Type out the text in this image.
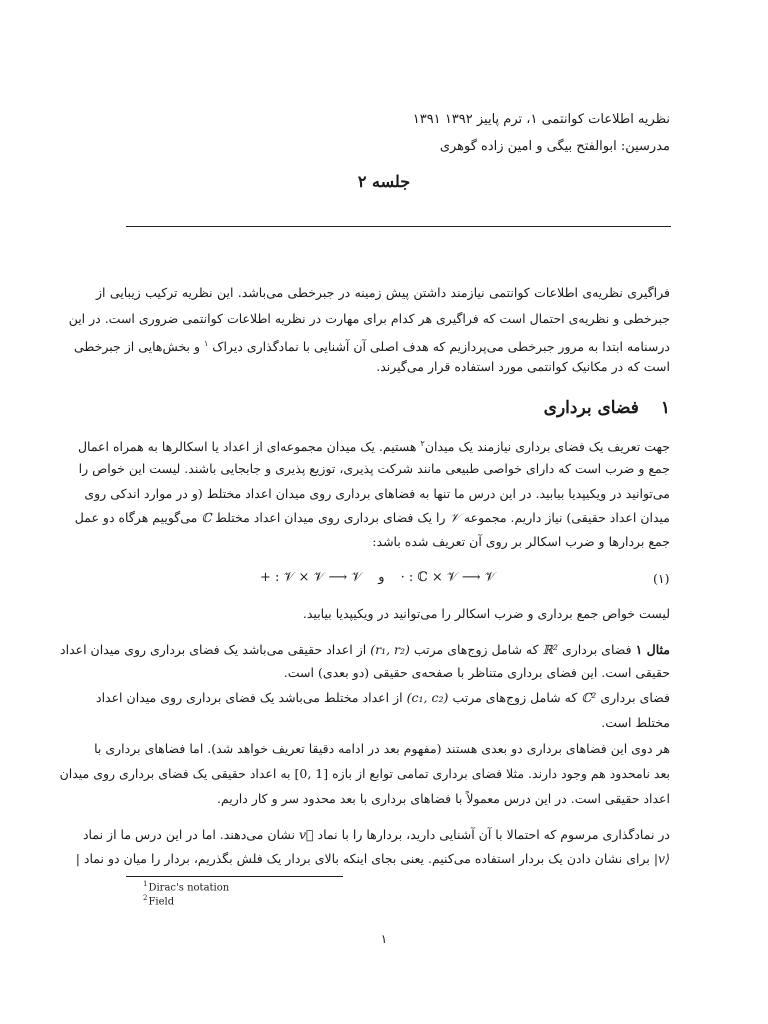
نظریه اطلاعات کوانتمی ۱، ترم پاییز ۱۳۹۲ ۱۳۹۱
مدرسین: ابوالفتح بیگی و امین زاده گوهری
جلسه ۲
فراگیری نظریه‌ی اطلاعات کوانتمی نیازمند داشتن پیش زمینه در جبرخطی می‌باشد. این نظریه ترکیب زیبایی از
جبرخطی و نظریه‌ی احتمال است که فراگیری هر کدام برای مهارت در نظریه اطلاعات کوانتمی ضروری است. در این
درسنامه ابتدا به مرور جبرخطی می‌پردازیم که هدف اصلی آن آشنایی با نمادگذاری دیراک $^۱$ و بخش‌هایی از جبرخطی
است که در مکانیک کوانتمی مورد استفاده قرار می‌گیرند.
۱فضای برداری
جهت تعریف یک فضای برداری نیازمند یک میدان$^۲$ هستیم. یک میدان مجموعه‌ای از اعداد یا اسکالرها به همراه اعمال
جمع و ضرب است که دارای خواصی طبیعی مانند شرکت پذیری، توزیع پذیری و جابجایی باشند. لیست این خواص را
می‌توانید در ویکیپدیا بیابید. در این درس ما تنها به فضاهای برداری روی میدان اعداد مختلط (و در موارد اندکی روی
میدان اعداد حقیقی) نیاز داریم. مجموعه 𝒱 را یک فضای برداری روی میدان اعداد مختلط ℂ می‌گوییم هرگاه دو عمل
جمع بردارها و ضرب اسکالر بر روی آن تعریف شده باشد:
+ : 𝒱 × 𝒱 ⟶ 𝒱 و · : ℂ × 𝒱 ⟶ 𝒱	(۱)
لیست خواص جمع برداری و ضرب اسکالر را می‌توانید در ویکیپدیا بیابید.
مثال ۱ فضای برداری ℝ² که شامل زوج‌های مرتب (r₁, r₂) از اعداد حقیقی می‌باشد یک فضای برداری روی میدان اعداد
حقیقی است. این فضای برداری متناظر با صفحه‌ی حقیقی (دو بعدی) است.
فضای برداری ℂ² که شامل زوج‌های مرتب (c₁, c₂) از اعداد مختلط می‌باشد یک فضای برداری روی میدان اعداد
مختلط است.
هر دوی این فضاهای برداری دو بعدی هستند (مفهوم بعد در ادامه دقیقا تعریف خواهد شد). اما فضاهای برداری با
بعد نامحدود هم وجود دارند. مثلا فضای برداری تمامی توابع از بازه [0, 1] به اعداد حقیقی یک فضای برداری روی میدان
اعداد حقیقی است. در این درس معمولاً با فضاهای برداری با بعد محدود سر و کار داریم.
در نمادگذاری مرسوم که احتمالا با آن آشنایی دارید، بردارها را با نماد v⃗ نشان می‌دهند. اما در این درس ما از نماد
|v⟩ برای نشان دادن یک بردار استفاده می‌کنیم. یعنی بجای اینکه بالای بردار یک فلش بگذریم، بردار را میان دو نماد |
$^1$Dirac's notation
$^2$Field
۱
